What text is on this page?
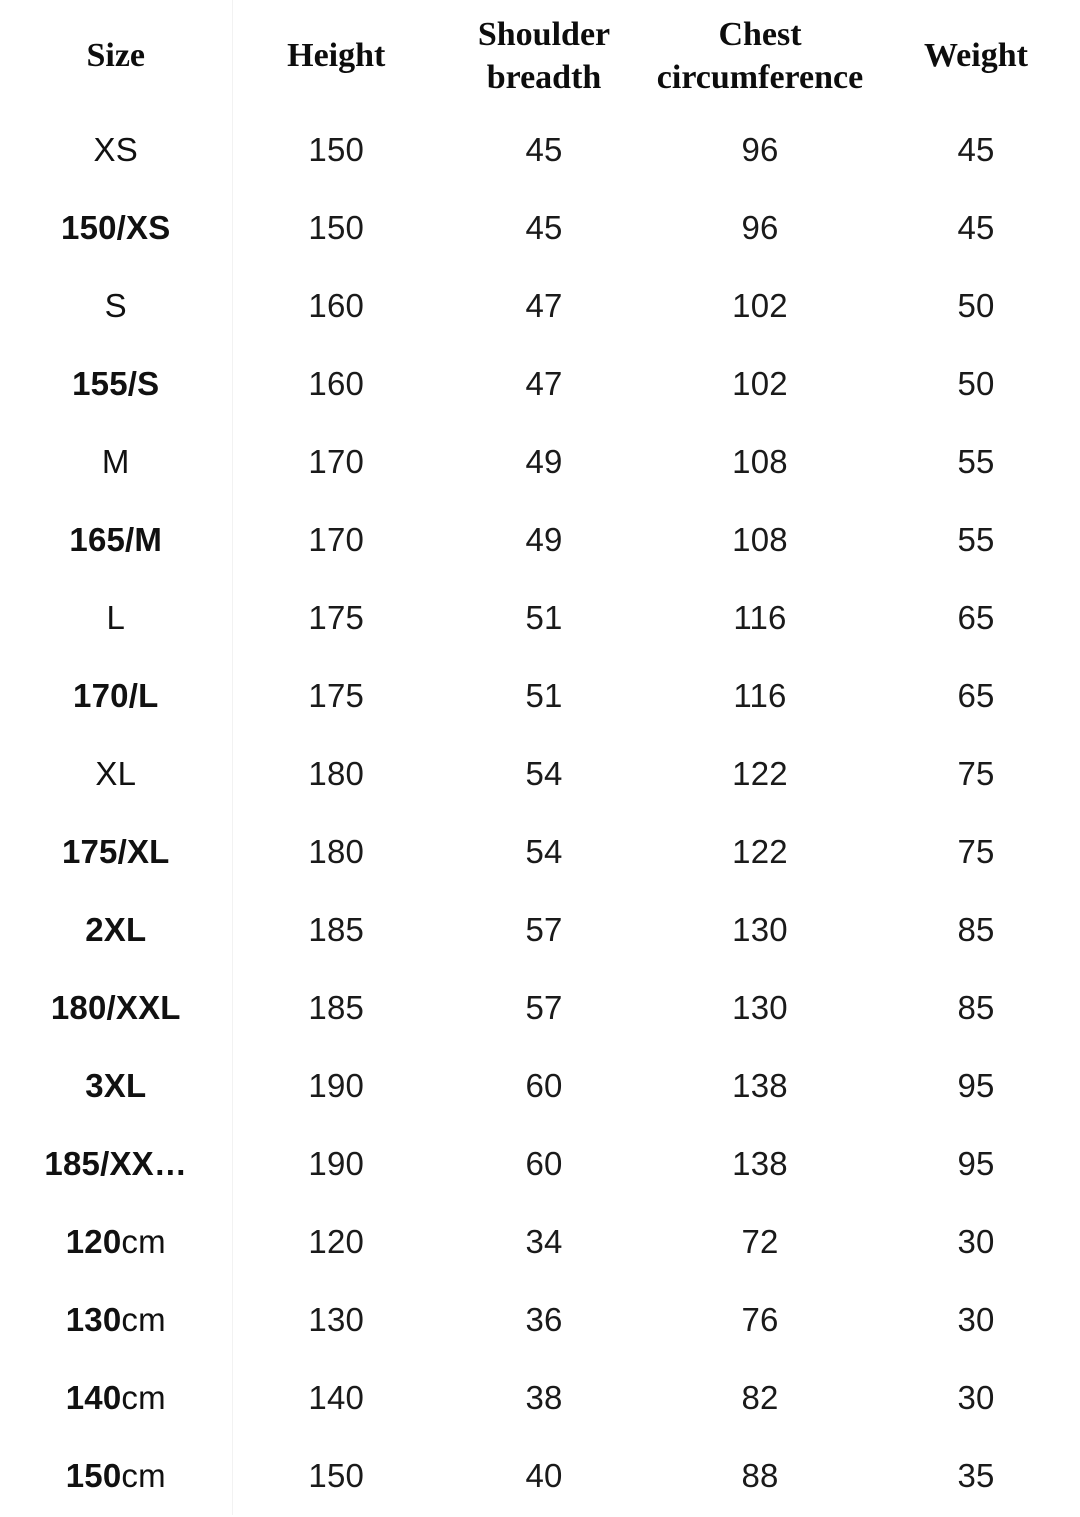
Size	Height	Shoulder breadth	Chest circumference	Weight
XS	150	45	96	45
150/XS	150	45	96	45
S	160	47	102	50
155/S	160	47	102	50
M	170	49	108	55
165/M	170	49	108	55
L	175	51	116	65
170/L	175	51	116	65
XL	180	54	122	75
175/XL	180	54	122	75
2XL	185	57	130	85
180/XXL	185	57	130	85
3XL	190	60	138	95
185/XX…	190	60	138	95
120cm	120	34	72	30
130cm	130	36	76	30
140cm	140	38	82	30
150cm	150	40	88	35
